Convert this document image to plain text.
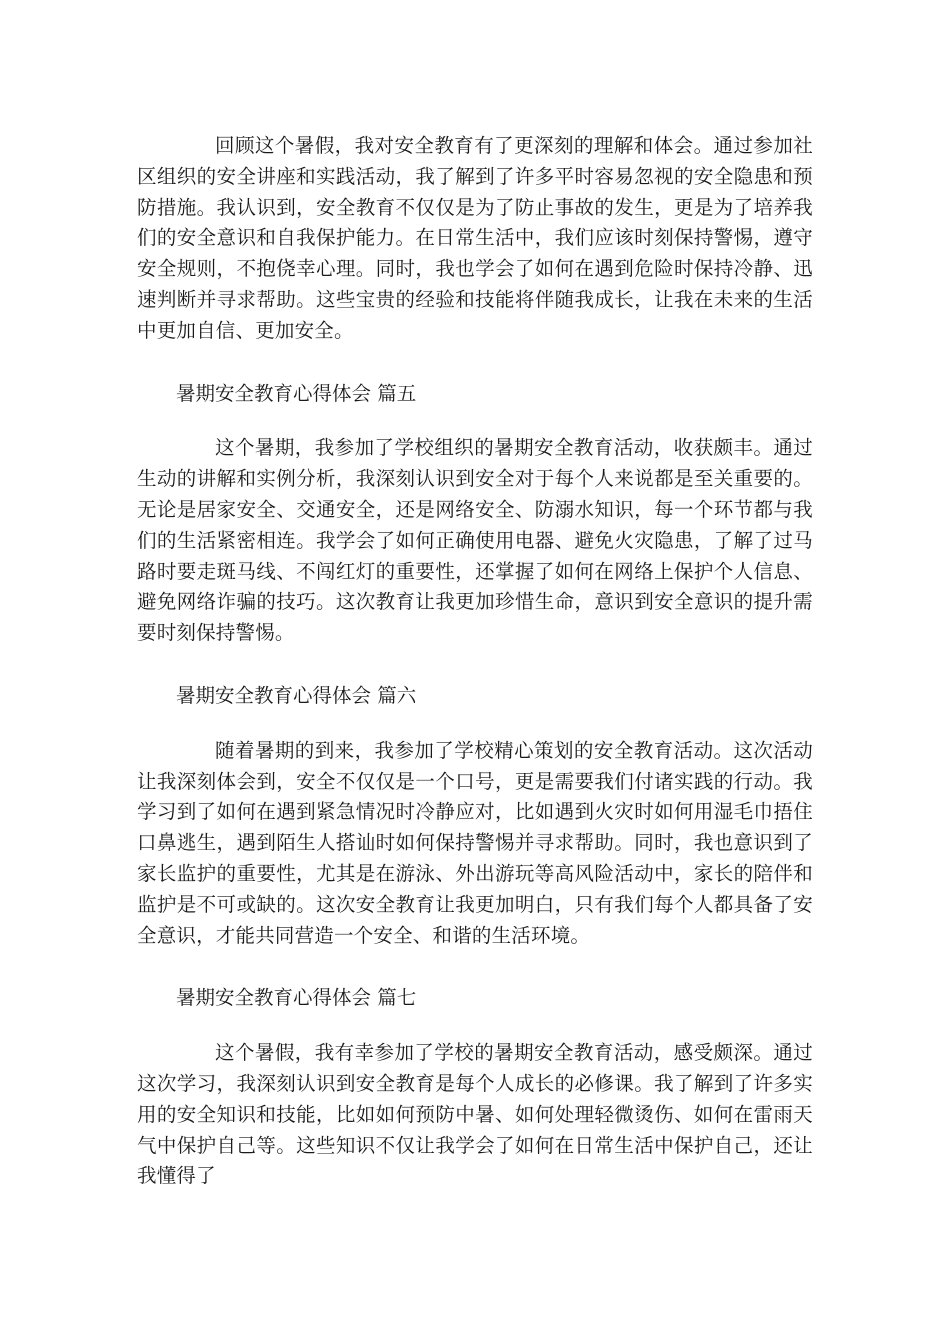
回顾这个暑假，我对安全教育有了更深刻的理解和体会。通过参加社区组织的安全讲座和实践活动，我了解到了许多平时容易忽视的安全隐患和预防措施。我认识到，安全教育不仅仅是为了防止事故的发生，更是为了培养我们的安全意识和自我保护能力。在日常生活中，我们应该时刻保持警惕，遵守安全规则，不抱侥幸心理。同时，我也学会了如何在遇到危险时保持冷静、迅速判断并寻求帮助。这些宝贵的经验和技能将伴随我成长，让我在未来的生活中更加自信、更加安全。

暑期安全教育心得体会 篇五

这个暑期，我参加了学校组织的暑期安全教育活动，收获颇丰。通过生动的讲解和实例分析，我深刻认识到安全对于每个人来说都是至关重要的。无论是居家安全、交通安全，还是网络安全、防溺水知识，每一个环节都与我们的生活紧密相连。我学会了如何正确使用电器、避免火灾隐患，了解了过马路时要走斑马线、不闯红灯的重要性，还掌握了如何在网络上保护个人信息、避免网络诈骗的技巧。这次教育让我更加珍惜生命，意识到安全意识的提升需要时刻保持警惕。

暑期安全教育心得体会 篇六

随着暑期的到来，我参加了学校精心策划的安全教育活动。这次活动让我深刻体会到，安全不仅仅是一个口号，更是需要我们付诸实践的行动。我学习到了如何在遇到紧急情况时冷静应对，比如遇到火灾时如何用湿毛巾捂住口鼻逃生，遇到陌生人搭讪时如何保持警惕并寻求帮助。同时，我也意识到了家长监护的重要性，尤其是在游泳、外出游玩等高风险活动中，家长的陪伴和监护是不可或缺的。这次安全教育让我更加明白，只有我们每个人都具备了安全意识，才能共同营造一个安全、和谐的生活环境。

暑期安全教育心得体会 篇七

这个暑假，我有幸参加了学校的暑期安全教育活动，感受颇深。通过这次学习，我深刻认识到安全教育是每个人成长的必修课。我了解到了许多实用的安全知识和技能，比如如何预防中暑、如何处理轻微烫伤、如何在雷雨天气中保护自己等。这些知识不仅让我学会了如何在日常生活中保护自己，还让我懂得了
